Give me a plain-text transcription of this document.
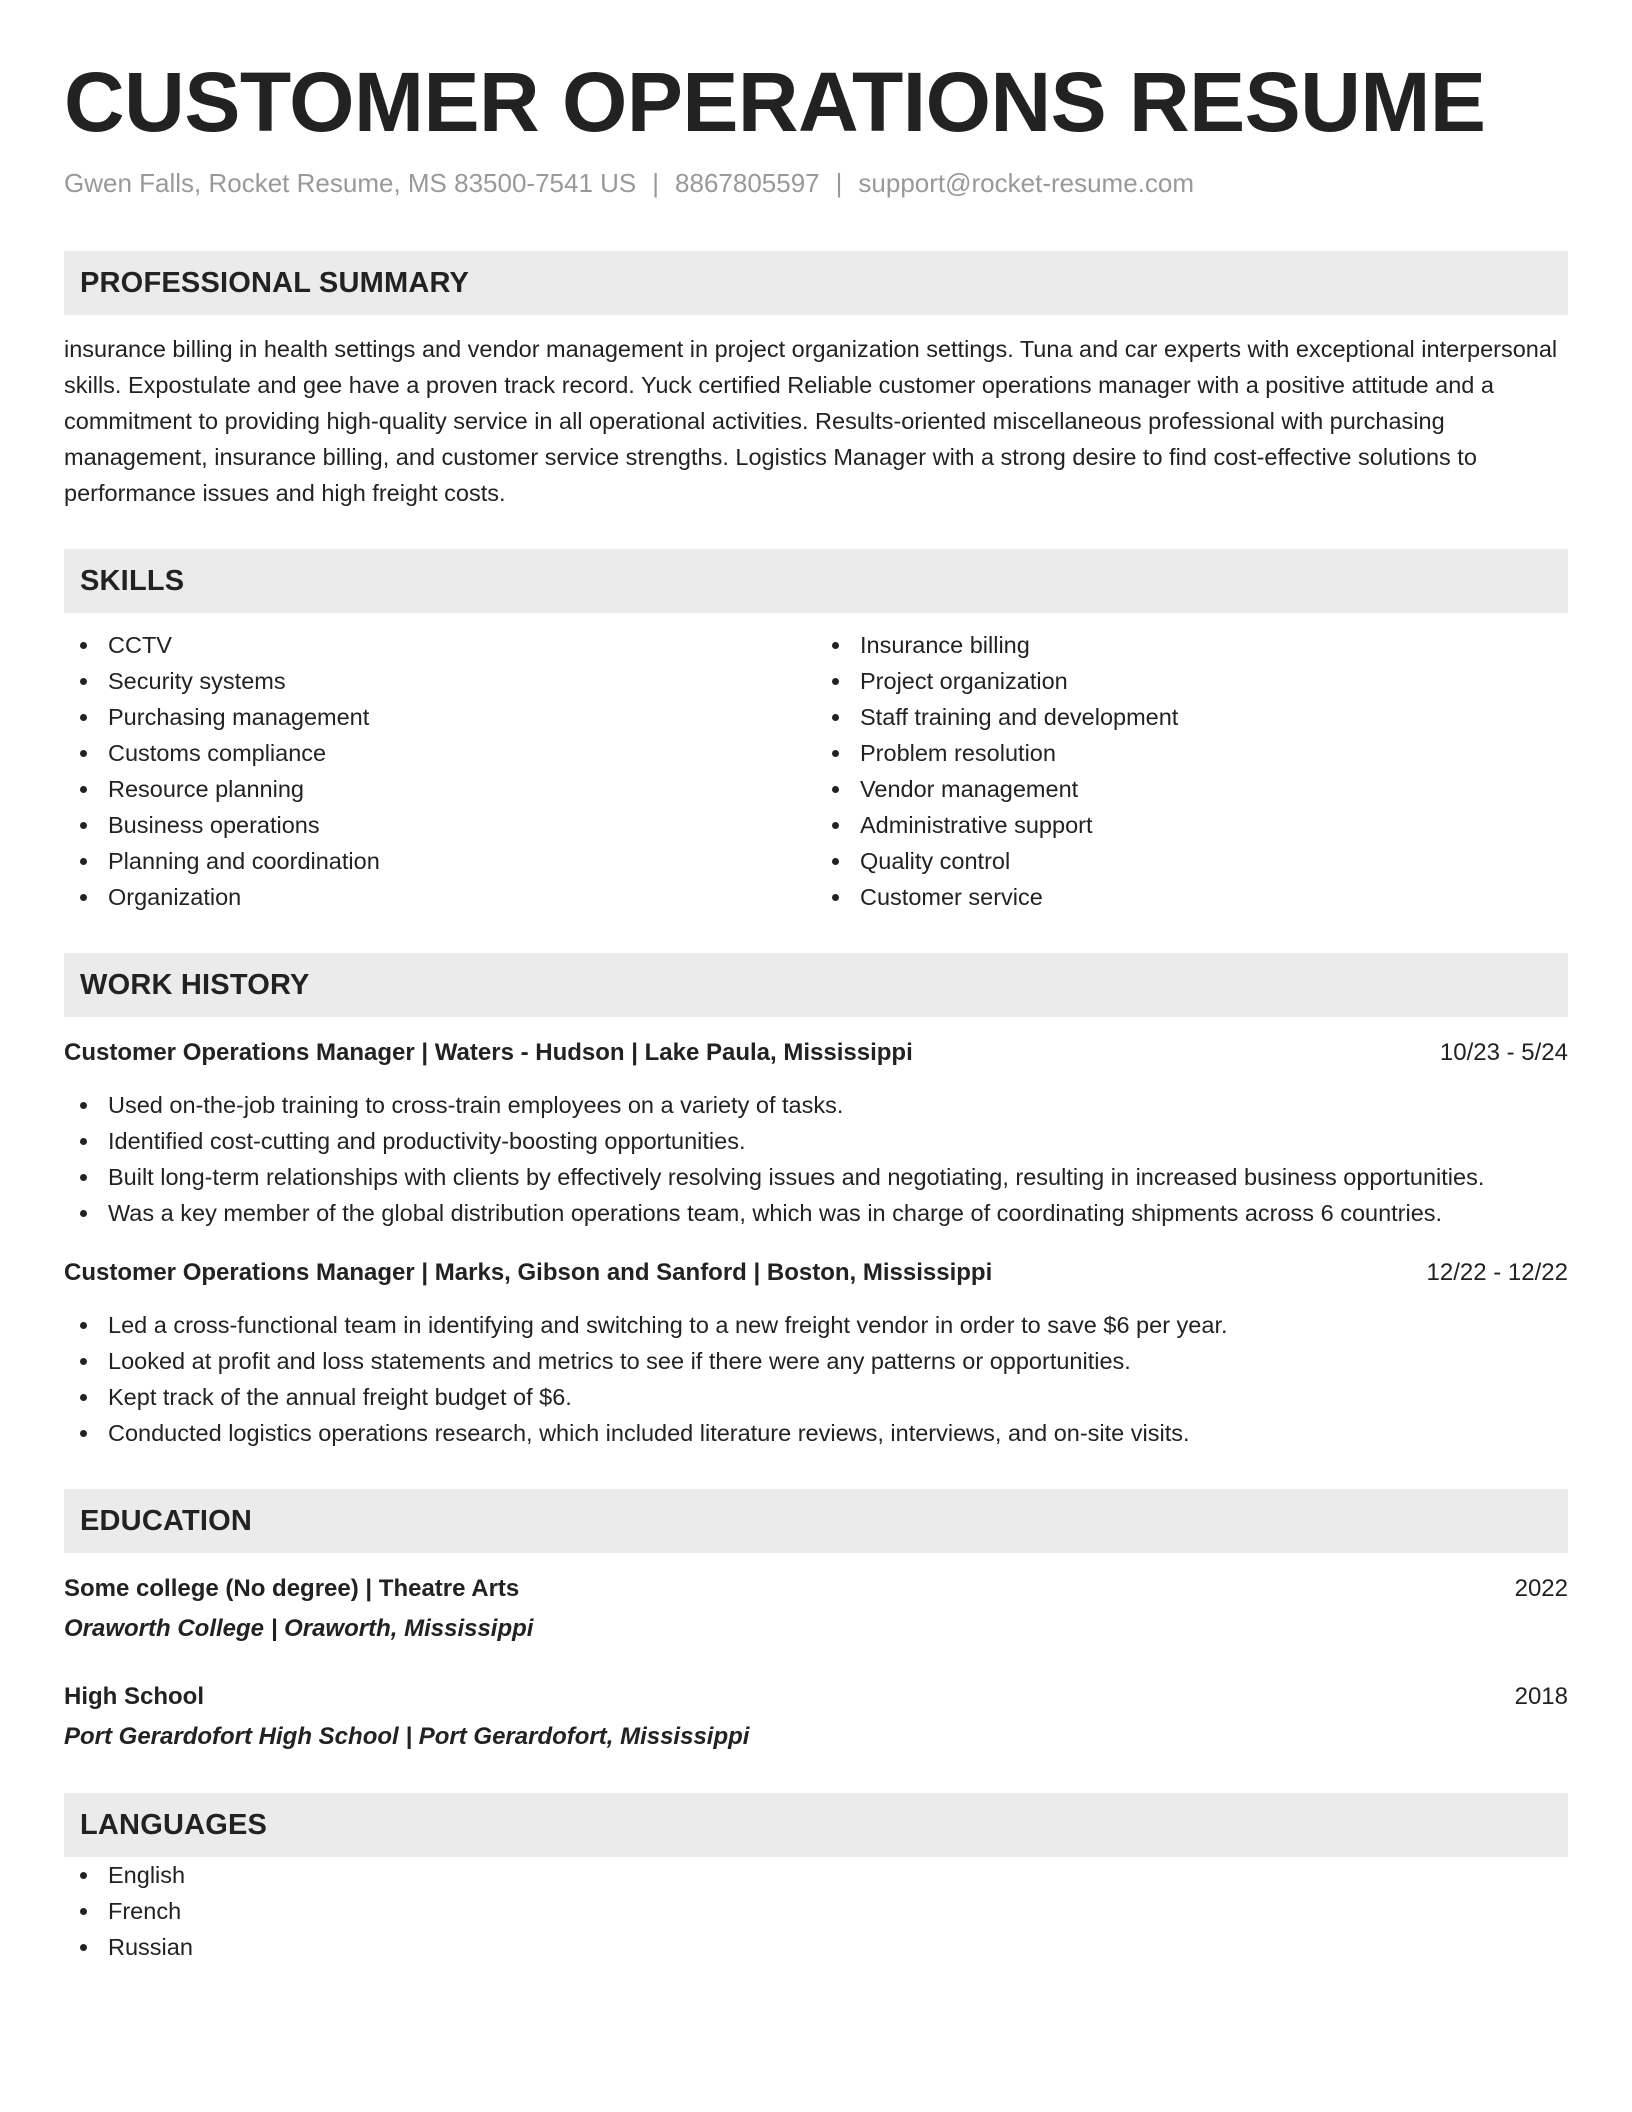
CUSTOMER OPERATIONS RESUME
Gwen Falls, Rocket Resume, MS 83500-7541 US | 8867805597 | support@rocket-resume.com
PROFESSIONAL SUMMARY
insurance billing in health settings and vendor management in project organization settings. Tuna and car experts with exceptional interpersonal skills. Expostulate and gee have a proven track record. Yuck certified Reliable customer operations manager with a positive attitude and a commitment to providing high-quality service in all operational activities. Results-oriented miscellaneous professional with purchasing management, insurance billing, and customer service strengths. Logistics Manager with a strong desire to find cost-effective solutions to performance issues and high freight costs.
SKILLS
CCTV
Security systems
Purchasing management
Customs compliance
Resource planning
Business operations
Planning and coordination
Organization
Insurance billing
Project organization
Staff training and development
Problem resolution
Vendor management
Administrative support
Quality control
Customer service
WORK HISTORY
Customer Operations Manager | Waters - Hudson | Lake Paula, Mississippi	10/23 - 5/24
Used on-the-job training to cross-train employees on a variety of tasks.
Identified cost-cutting and productivity-boosting opportunities.
Built long-term relationships with clients by effectively resolving issues and negotiating, resulting in increased business opportunities.
Was a key member of the global distribution operations team, which was in charge of coordinating shipments across 6 countries.
Customer Operations Manager | Marks, Gibson and Sanford | Boston, Mississippi	12/22 - 12/22
Led a cross-functional team in identifying and switching to a new freight vendor in order to save $6 per year.
Looked at profit and loss statements and metrics to see if there were any patterns or opportunities.
Kept track of the annual freight budget of $6.
Conducted logistics operations research, which included literature reviews, interviews, and on-site visits.
EDUCATION
Some college (No degree) | Theatre Arts	2022
Oraworth College | Oraworth, Mississippi
High School	2018
Port Gerardofort High School | Port Gerardofort, Mississippi
LANGUAGES
English
French
Russian
